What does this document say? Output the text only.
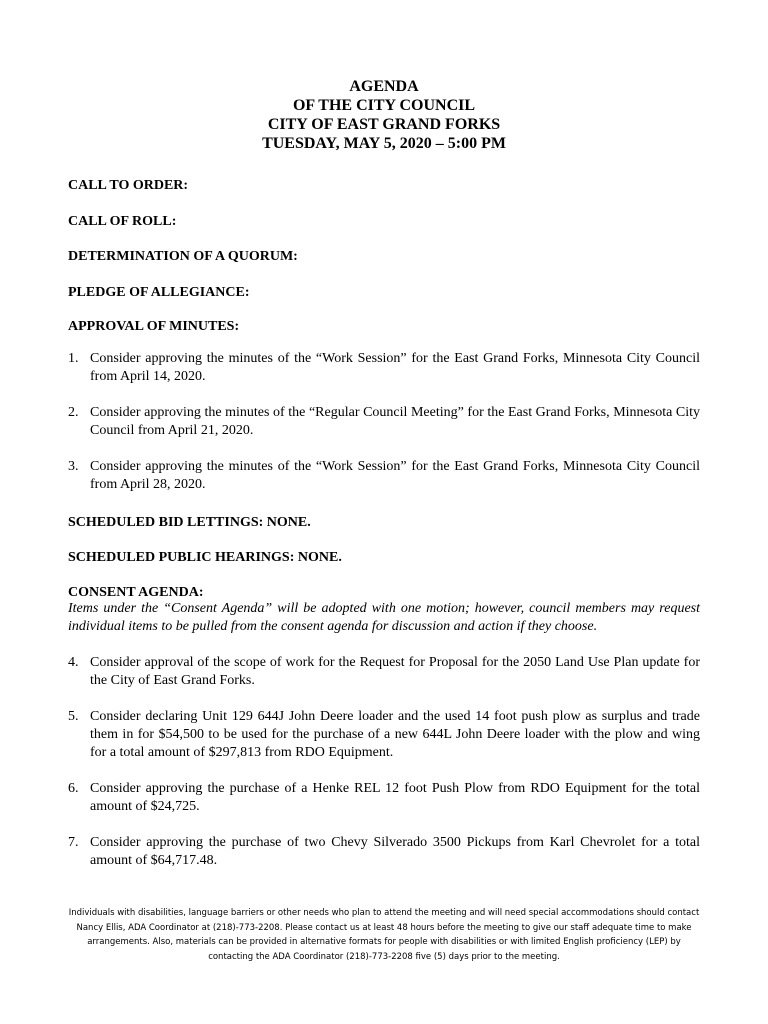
AGENDA
OF THE CITY COUNCIL
CITY OF EAST GRAND FORKS
TUESDAY, MAY 5, 2020 – 5:00 PM

CALL TO ORDER:

CALL OF ROLL:

DETERMINATION OF A QUORUM:

PLEDGE OF ALLEGIANCE:

APPROVAL OF MINUTES:

1. Consider approving the minutes of the “Work Session” for the East Grand Forks, Minnesota City Council from April 14, 2020.
2. Consider approving the minutes of the “Regular Council Meeting” for the East Grand Forks, Minnesota City Council from April 21, 2020.
3. Consider approving the minutes of the “Work Session” for the East Grand Forks, Minnesota City Council from April 28, 2020.

SCHEDULED BID LETTINGS: NONE.

SCHEDULED PUBLIC HEARINGS: NONE.

CONSENT AGENDA:

Items under the “Consent Agenda” will be adopted with one motion; however, council members may request individual items to be pulled from the consent agenda for discussion and action if they choose.
4. Consider approval of the scope of work for the Request for Proposal for the 2050 Land Use Plan update for the City of East Grand Forks.
5. Consider declaring Unit 129 644J John Deere loader and the used 14 foot push plow as surplus and trade them in for $54,500 to be used for the purchase of a new 644L John Deere loader with the plow and wing for a total amount of $297,813 from RDO Equipment.
6. Consider approving the purchase of a Henke REL 12 foot Push Plow from RDO Equipment for the total amount of $24,725.
7. Consider approving the purchase of two Chevy Silverado 3500 Pickups from Karl Chevrolet for a total amount of $64,717.48.
Individuals with disabilities, language barriers or other needs who plan to attend the meeting and will need special accommodations should contact Nancy Ellis, ADA Coordinator at (218)-773-2208. Please contact us at least 48 hours before the meeting to give our staff adequate time to make arrangements. Also, materials can be provided in alternative formats for people with disabilities or with limited English proficiency (LEP) by contacting the ADA Coordinator (218)-773-2208 five (5) days prior to the meeting.
